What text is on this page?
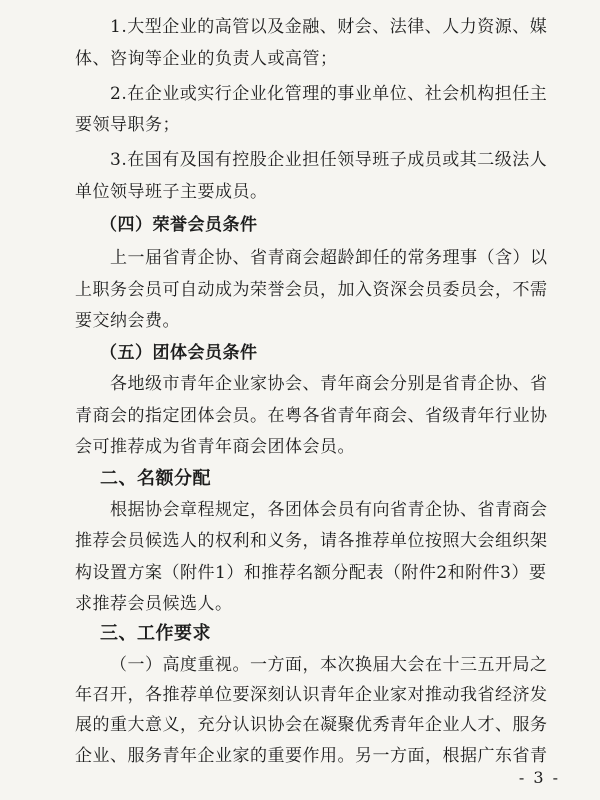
1.大型企业的高管以及金融、财会、法律、人力资源、媒
体、咨询等企业的负责人或高管；
2.在企业或实行企业化管理的事业单位、社会机构担任主
要领导职务；
3.在国有及国有控股企业担任领导班子成员或其二级法人
单位领导班子主要成员。
（四）荣誉会员条件
上一届省青企协、省青商会超龄卸任的常务理事（含）以
上职务会员可自动成为荣誉会员，加入资深会员委员会，不需
要交纳会费。
（五）团体会员条件
各地级市青年企业家协会、青年商会分别是省青企协、省
青商会的指定团体会员。在粤各省青年商会、省级青年行业协
会可推荐成为省青年商会团体会员。
二、名额分配
根据协会章程规定，各团体会员有向省青企协、省青商会
推荐会员候选人的权利和义务，请各推荐单位按照大会组织架
构设置方案（附件1）和推荐名额分配表（附件2和附件3）要
求推荐会员候选人。
三、工作要求
（一）高度重视。一方面，本次换届大会在十三五开局之
年召开，各推荐单位要深刻认识青年企业家对推动我省经济发
展的重大意义，充分认识协会在凝聚优秀青年企业人才、服务
企业、服务青年企业家的重要作用。另一方面，根据广东省青
- 3 -
